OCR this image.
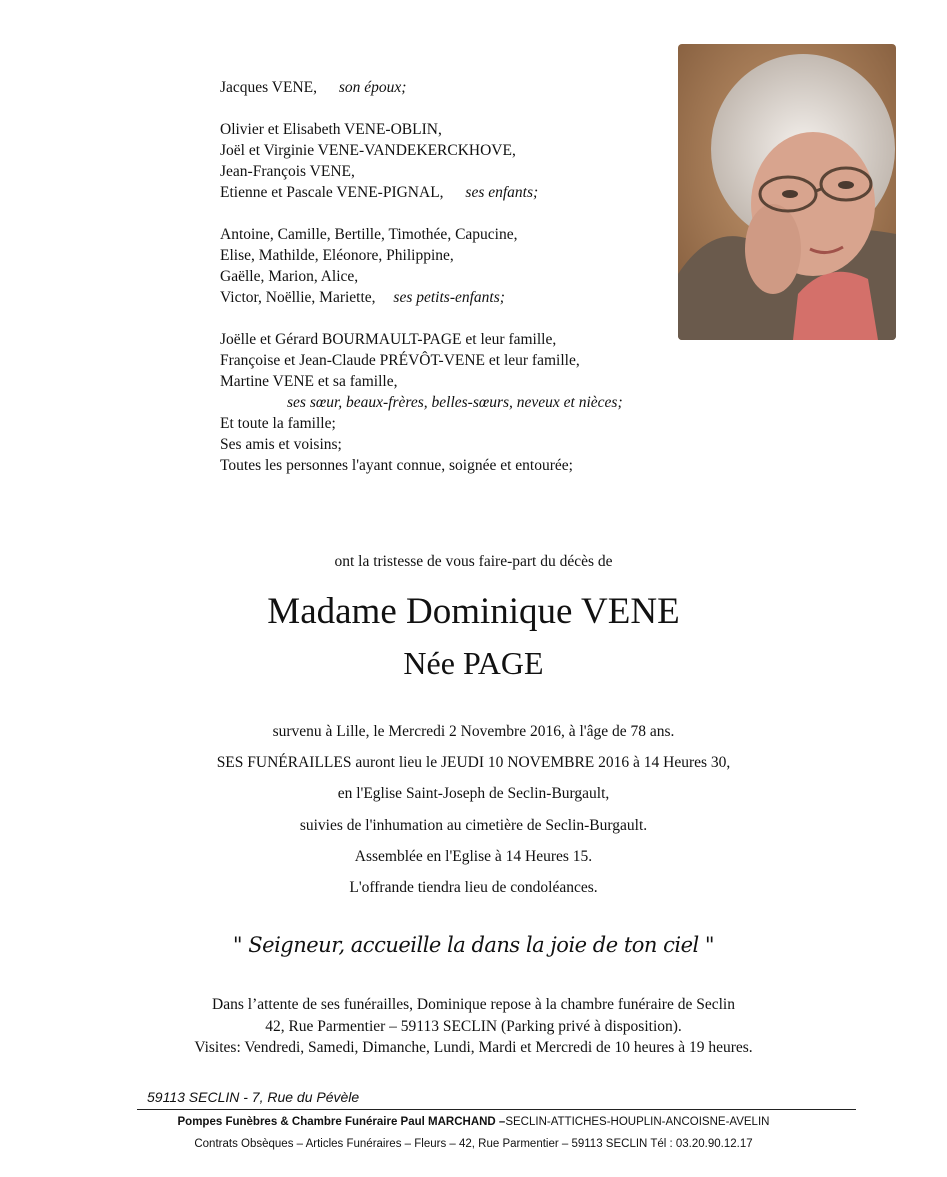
Jacques VENE, son époux;
Olivier et Elisabeth VENE-OBLIN,
Joël et Virginie VENE-VANDEKERCKHOVE,
Jean-François VENE,
Etienne et Pascale VENE-PIGNAL, ses enfants;
Antoine, Camille, Bertille, Timothée, Capucine,
Elise, Mathilde, Eléonore, Philippine,
Gaëlle, Marion, Alice,
Victor, Noëllie, Mariette, ses petits-enfants;
Joëlle et Gérard BOURMAULT-PAGE et leur famille,
Françoise et Jean-Claude PRÉVÔT-VENE et leur famille,
Martine VENE et sa famille,
ses sœur, beaux-frères, belles-sœurs, neveux et nièces;
Et toute la famille;
Ses amis et voisins;
Toutes les personnes l'ayant connue, soignée et entourée;
ont la tristesse de vous faire-part du décès de
Madame Dominique VENE
Née PAGE
survenu à Lille, le Mercredi 2 Novembre 2016, à l'âge de 78 ans.
SES FUNÉRAILLES auront lieu le JEUDI 10 NOVEMBRE 2016 à 14 Heures 30,
en l'Eglise Saint-Joseph de Seclin-Burgault,
suivies de l'inhumation au cimetière de Seclin-Burgault.
Assemblée en l'Eglise à 14 Heures 15.
L'offrande tiendra lieu de condoléances.
" Seigneur, accueille la dans la joie de ton ciel "
Dans l’attente de ses funérailles, Dominique repose à la chambre funéraire de Seclin
42, Rue Parmentier – 59113 SECLIN (Parking privé à disposition).
Visites: Vendredi, Samedi, Dimanche, Lundi, Mardi et Mercredi de 10 heures à 19 heures.
59113 SECLIN - 7, Rue du Pévèle
Pompes Funèbres & Chambre Funéraire Paul MARCHAND –SECLIN-ATTICHES-HOUPLIN-ANCOISNE-AVELIN
Contrats Obsèques – Articles Funéraires – Fleurs – 42, Rue Parmentier – 59113 SECLIN Tél : 03.20.90.12.17
